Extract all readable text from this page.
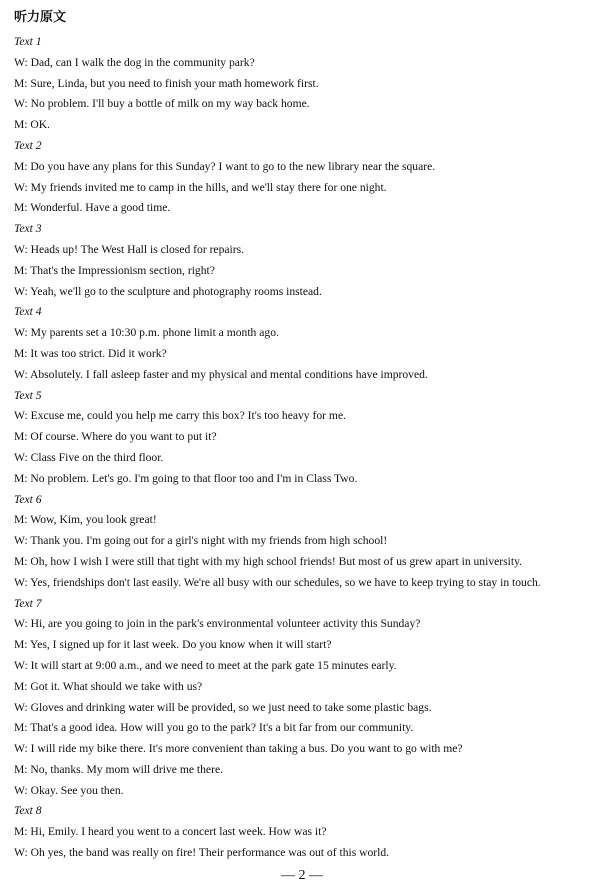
听力原文
Text 1
W: Dad, can I walk the dog in the community park?
M: Sure, Linda, but you need to finish your math homework first.
W: No problem. I'll buy a bottle of milk on my way back home.
M: OK.
Text 2
M: Do you have any plans for this Sunday? I want to go to the new library near the square.
W: My friends invited me to camp in the hills, and we'll stay there for one night.
M: Wonderful. Have a good time.
Text 3
W: Heads up! The West Hall is closed for repairs.
M: That's the Impressionism section, right?
W: Yeah, we'll go to the sculpture and photography rooms instead.
Text 4
W: My parents set a 10:30 p.m. phone limit a month ago.
M: It was too strict. Did it work?
W: Absolutely. I fall asleep faster and my physical and mental conditions have improved.
Text 5
W: Excuse me, could you help me carry this box? It's too heavy for me.
M: Of course. Where do you want to put it?
W: Class Five on the third floor.
M: No problem. Let's go. I'm going to that floor too and I'm in Class Two.
Text 6
M: Wow, Kim, you look great!
W: Thank you. I'm going out for a girl's night with my friends from high school!
M: Oh, how I wish I were still that tight with my high school friends! But most of us grew apart in university.
W: Yes, friendships don't last easily. We're all busy with our schedules, so we have to keep trying to stay in touch.
Text 7
W: Hi, are you going to join in the park's environmental volunteer activity this Sunday?
M: Yes, I signed up for it last week. Do you know when it will start?
W: It will start at 9:00 a.m., and we need to meet at the park gate 15 minutes early.
M: Got it. What should we take with us?
W: Gloves and drinking water will be provided, so we just need to take some plastic bags.
M: That's a good idea. How will you go to the park? It's a bit far from our community.
W: I will ride my bike there. It's more convenient than taking a bus. Do you want to go with me?
M: No, thanks. My mom will drive me there.
W: Okay. See you then.
Text 8
M: Hi, Emily. I heard you went to a concert last week. How was it?
W: Oh yes, the band was really on fire! Their performance was out of this world.
— 2 —
